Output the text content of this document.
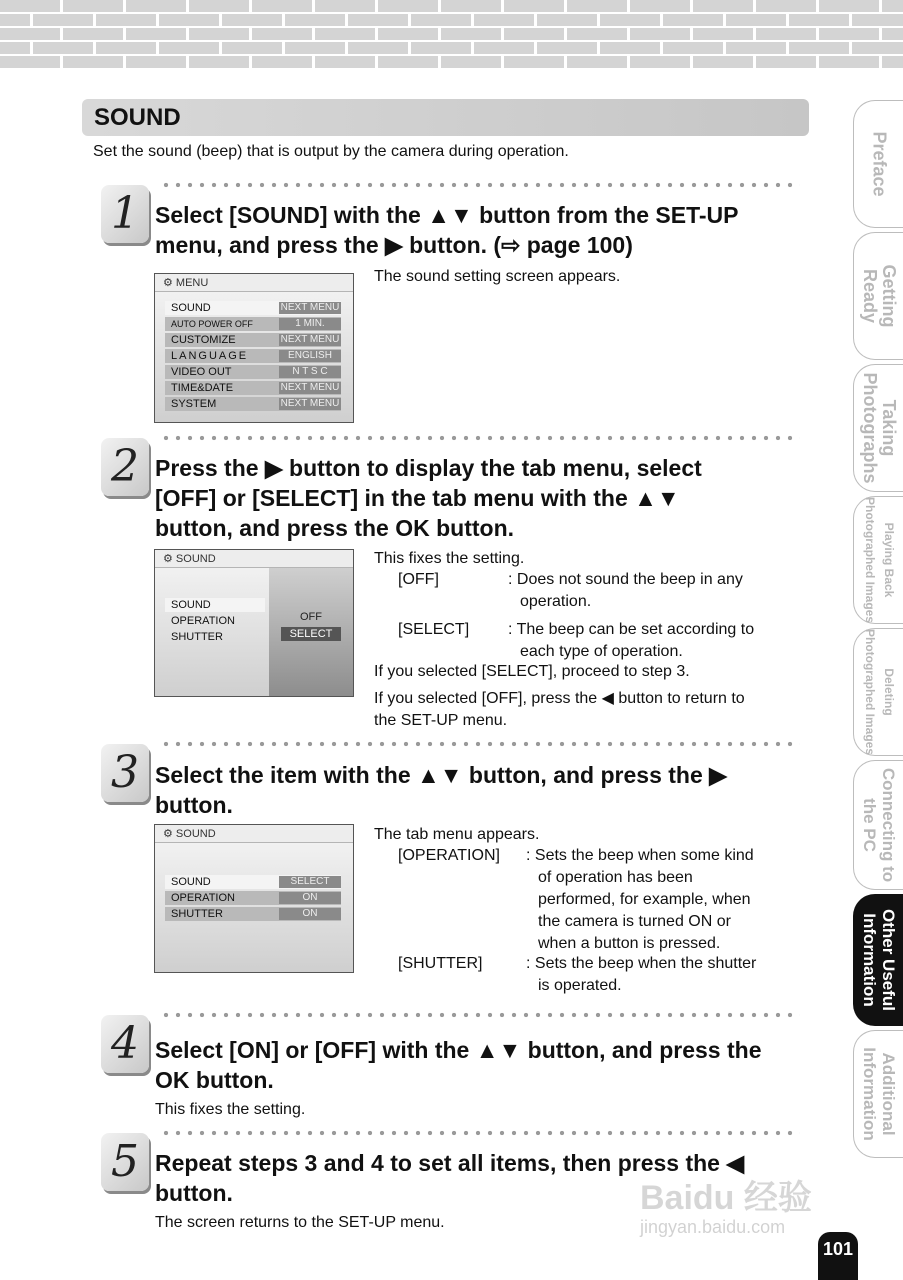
SOUND
Set the sound (beep) that is output by the camera during operation.
1 Select [SOUND] with the ▲▼ button from the SET-UP
menu, and press the ▶ button. (⇨ page 100)
The sound setting screen appears.
⚙ MENU
SOUND	NEXT MENU
AUTO POWER OFF	1 MIN.
CUSTOMIZE	NEXT MENU
LANGUAGE	ENGLISH
VIDEO OUT	N T S C
TIME&DATE	NEXT MENU
SYSTEM	NEXT MENU
2 Press the ▶ button to display the tab menu, select
[OFF] or [SELECT] in the tab menu with the ▲▼
button, and press the OK button.
⚙ SOUND
SOUND
OPERATION
SHUTTER
OFF
SELECT
This fixes the setting.
[OFF]	: Does not sound the beep in any
operation.
[SELECT] : The beep can be set according to
each type of operation.
If you selected [SELECT], proceed to step 3.
If you selected [OFF], press the ◀ button to return to
the SET-UP menu.
3 Select the item with the ▲▼ button, and press the ▶
button.
⚙ SOUND
SOUND	SELECT
OPERATION	ON
SHUTTER	ON
The tab menu appears.
[OPERATION] : Sets the beep when some kind
of operation has been
performed, for example, when
the camera is turned ON or
when a button is pressed.
[SHUTTER]	: Sets the beep when the shutter
is operated.
4 Select [ON] or [OFF] with the ▲▼ button, and press the
OK button.
This fixes the setting.
5 Repeat steps 3 and 4 to set all items, then press the ◀
button.
The screen returns to the SET-UP menu.
Preface
Getting
Ready
Taking
Photographs
Playing Back
Photographed Images
Deleting
Photographed Images
Connecting to
the PC
Other Useful
Information
Additional
Information
Baidu 经验
jingyan.baidu.com
101
